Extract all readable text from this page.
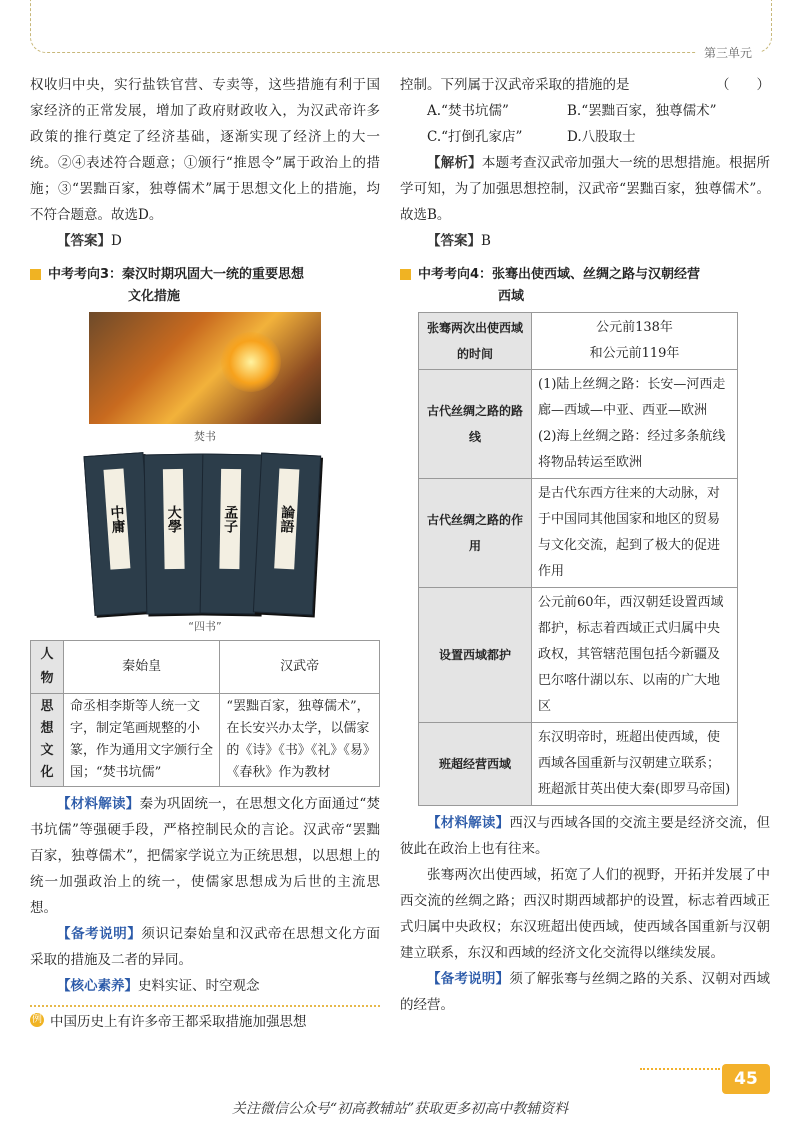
第三单元

权收归中央，实行盐铁官营、专卖等，这些措施有利于国家经济的正常发展，增加了政府财政收入，为汉武帝许多政策的推行奠定了经济基础，逐渐实现了经济上的大一统。②④表述符合题意；①颁行“推恩令”属于政治上的措施；③“罢黜百家，独尊儒术”属于思想文化上的措施，均不符合题意。故选D。

【答案】D

中考考向3：秦汉时期巩固大一统的重要思想
文化措施
焚书
中庸	大學	孟子	論語
“四书”
人物	秦始皇	汉武帝
思想文化	命丞相李斯等人统一文字，制定笔画规整的小篆，作为通用文字颁行全国；“焚书坑儒”	“罢黜百家，独尊儒术”，在长安兴办太学，以儒家的《诗》《书》《礼》《易》《春秋》作为教材

【材料解读】秦为巩固统一，在思想文化方面通过“焚书坑儒”等强硬手段，严格控制民众的言论。汉武帝“罢黜百家，独尊儒术”，把儒家学说立为正统思想，以思想上的统一加强政治上的统一，使儒家思想成为后世的主流思想。

【备考说明】须识记秦始皇和汉武帝在思想文化方面采取的措施及二者的异同。

【核心素养】史料实证、时空观念

例 中国历史上有许多帝王都采取措施加强思想

控制。下列属于汉武帝采取的措施的是	（　　）

A.“焚书坑儒”	B.“罢黜百家，独尊儒术”

C.“打倒孔家店”	D.八股取士

【解析】本题考查汉武帝加强大一统的思想措施。根据所学可知，为了加强思想控制，汉武帝“罢黜百家，独尊儒术”。故选B。

【答案】B

中考考向4：张骞出使西域、丝绸之路与汉朝经营
西域
张骞两次出使西域的时间	公元前138年
和公元前119年
古代丝绸之路的路线	(1)陆上丝绸之路：长安—河西走廊—西域—中亚、西亚—欧洲
(2)海上丝绸之路：经过多条航线将物品转运至欧洲
古代丝绸之路的作用	是古代东西方往来的大动脉，对于中国同其他国家和地区的贸易与文化交流，起到了极大的促进作用
设置西域都护	公元前60年，西汉朝廷设置西域都护，标志着西域正式归属中央政权，其管辖范围包括今新疆及巴尔喀什湖以东、以南的广大地区
班超经营西域	东汉明帝时，班超出使西域，使西域各国重新与汉朝建立联系；班超派甘英出使大秦(即罗马帝国)

【材料解读】西汉与西域各国的交流主要是经济交流，但彼此在政治上也有往来。

张骞两次出使西域，拓宽了人们的视野，开拓并发展了中西交流的丝绸之路；西汉时期西域都护的设置，标志着西域正式归属中央政权；东汉班超出使西域，使西域各国重新与汉朝建立联系，东汉和西域的经济文化交流得以继续发展。

【备考说明】须了解张骞与丝绸之路的关系、汉朝对西域的经营。

45
关注微信公众号“初高教辅站”获取更多初高中教辅资料
